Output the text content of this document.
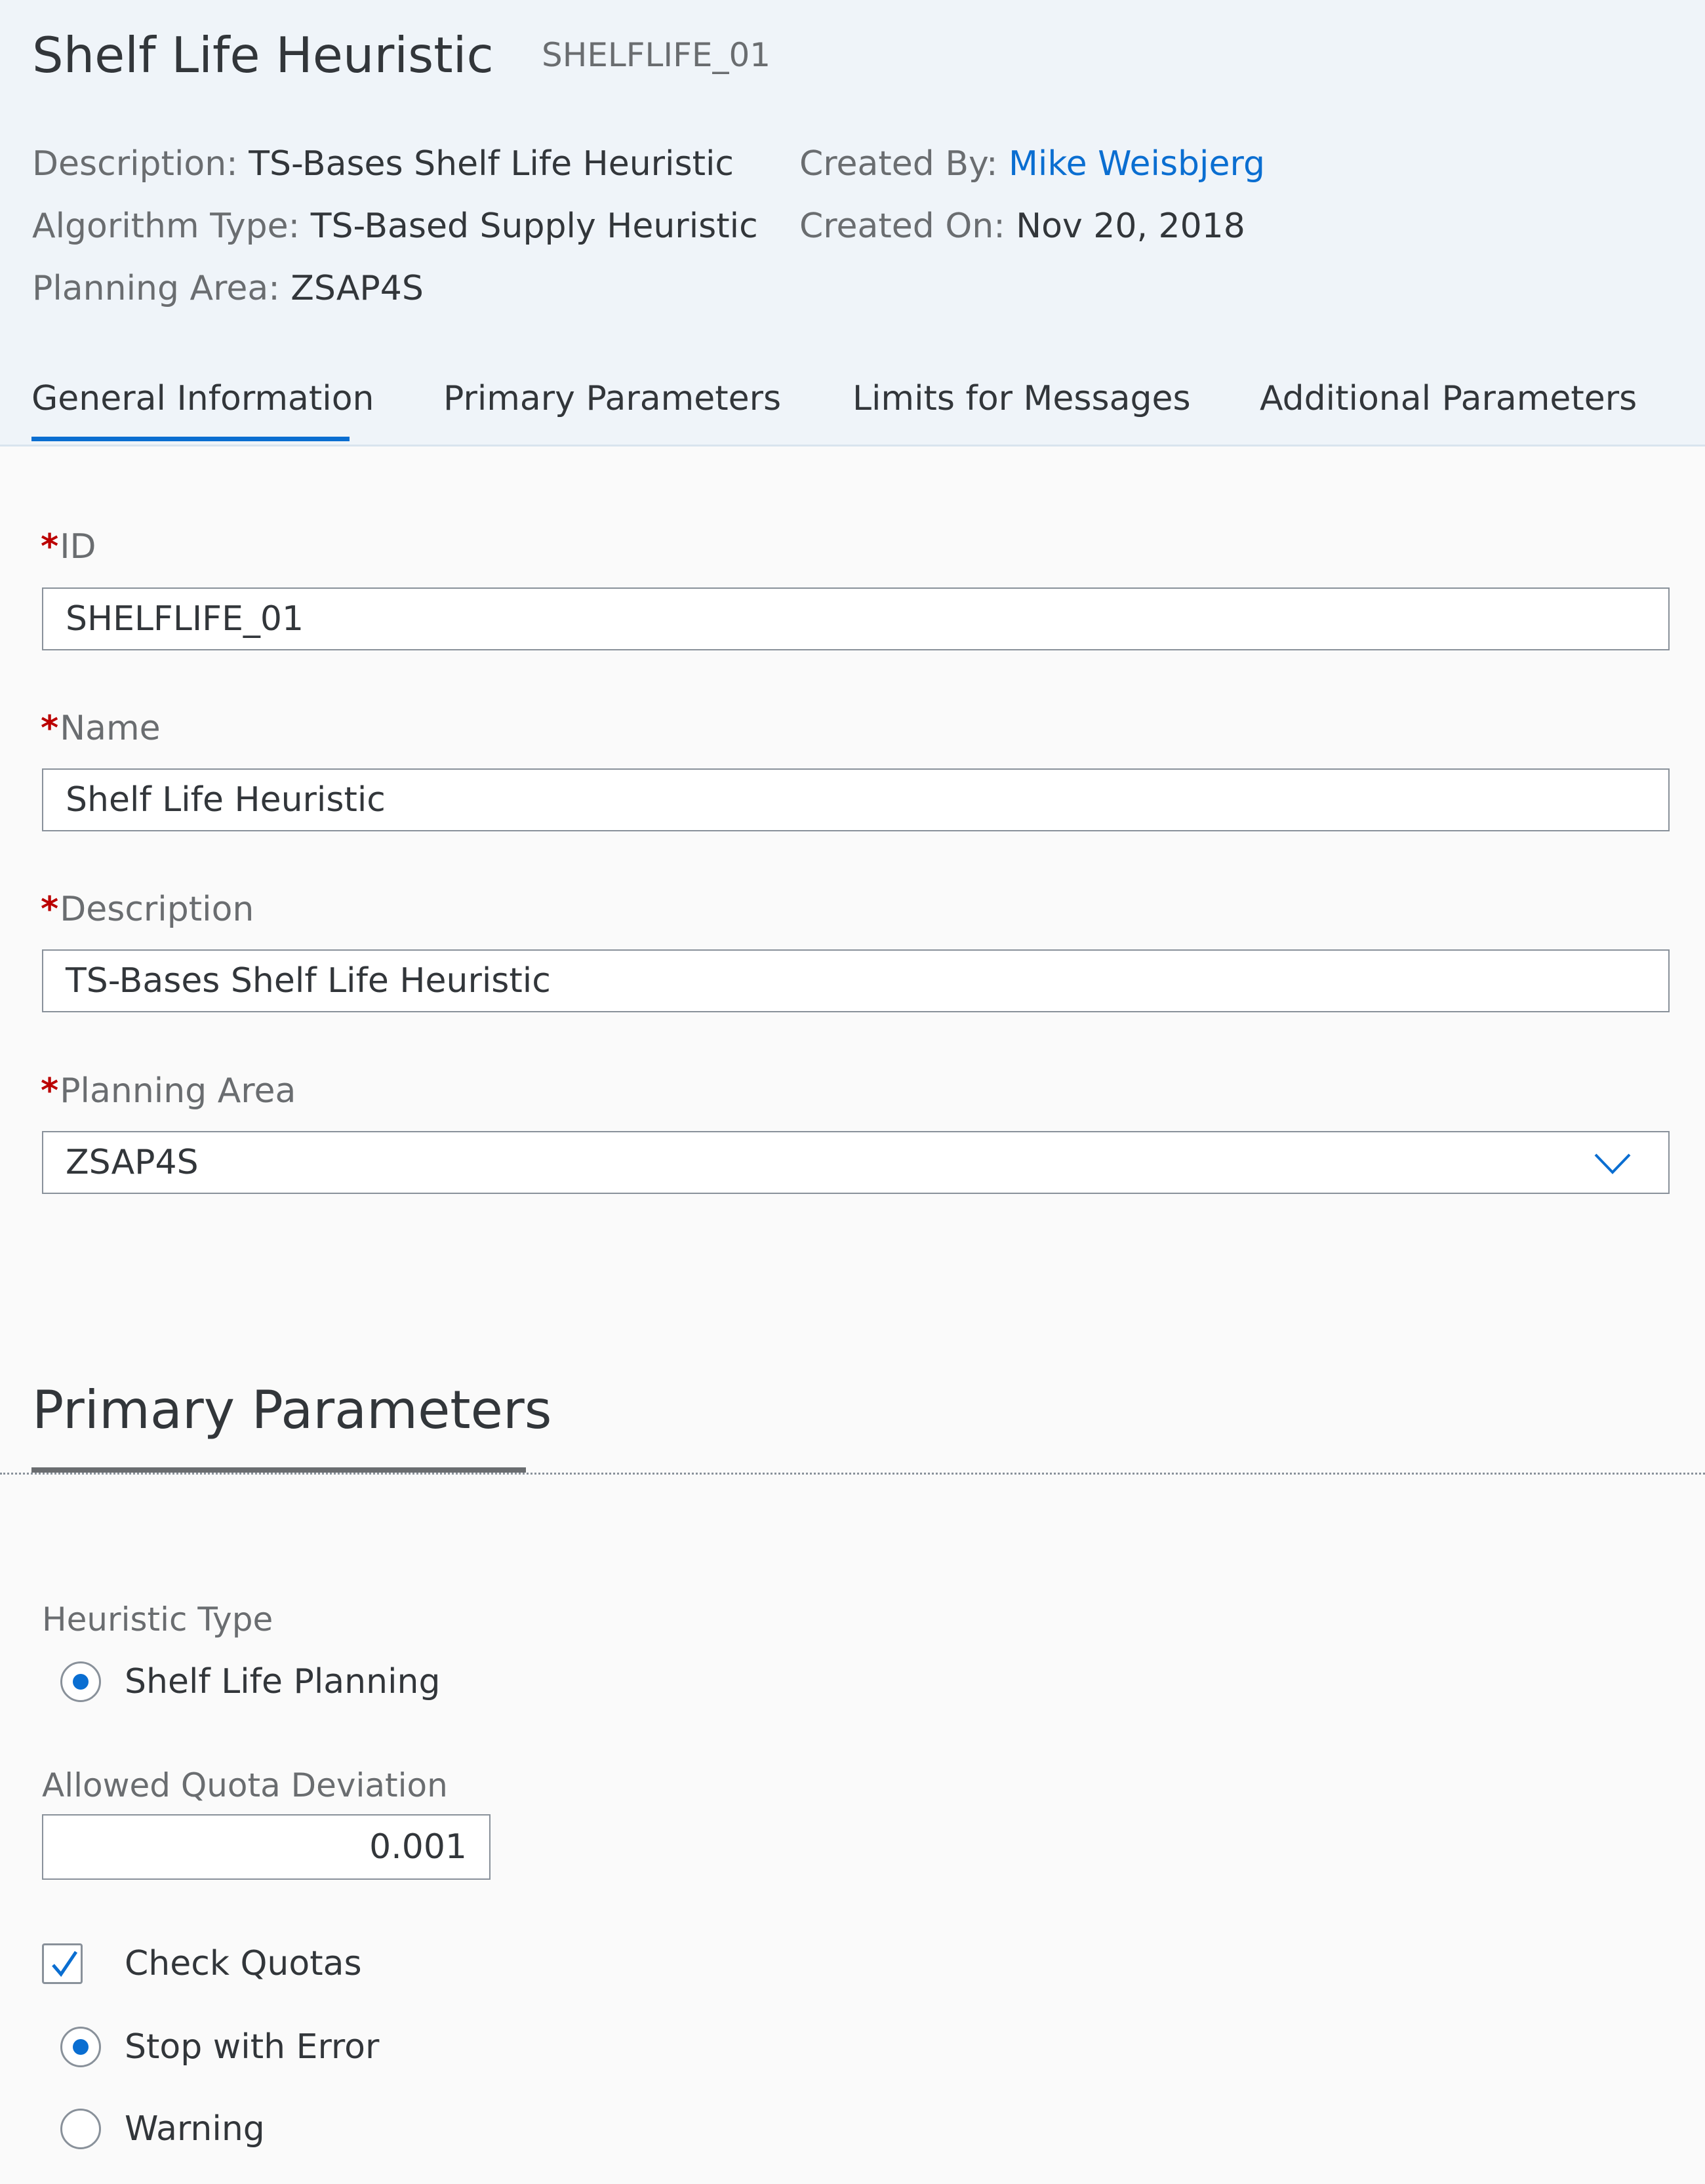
Shelf Life Heuristic SHELFLIFE_01
Description: TS-Bases Shelf Life Heuristic
Algorithm Type: TS-Based Supply Heuristic
Planning Area: ZSAP4S
Created By: Mike Weisbjerg
Created On: Nov 20, 2018
General Information Primary Parameters Limits for Messages Additional Parameters
*ID
SHELFLIFE_01
*Name
Shelf Life Heuristic
*Description
TS-Bases Shelf Life Heuristic
*Planning Area
ZSAP4S
Primary Parameters
Heuristic Type
Shelf Life Planning
Allowed Quota Deviation
0.001
Check Quotas
Stop with Error
Warning
